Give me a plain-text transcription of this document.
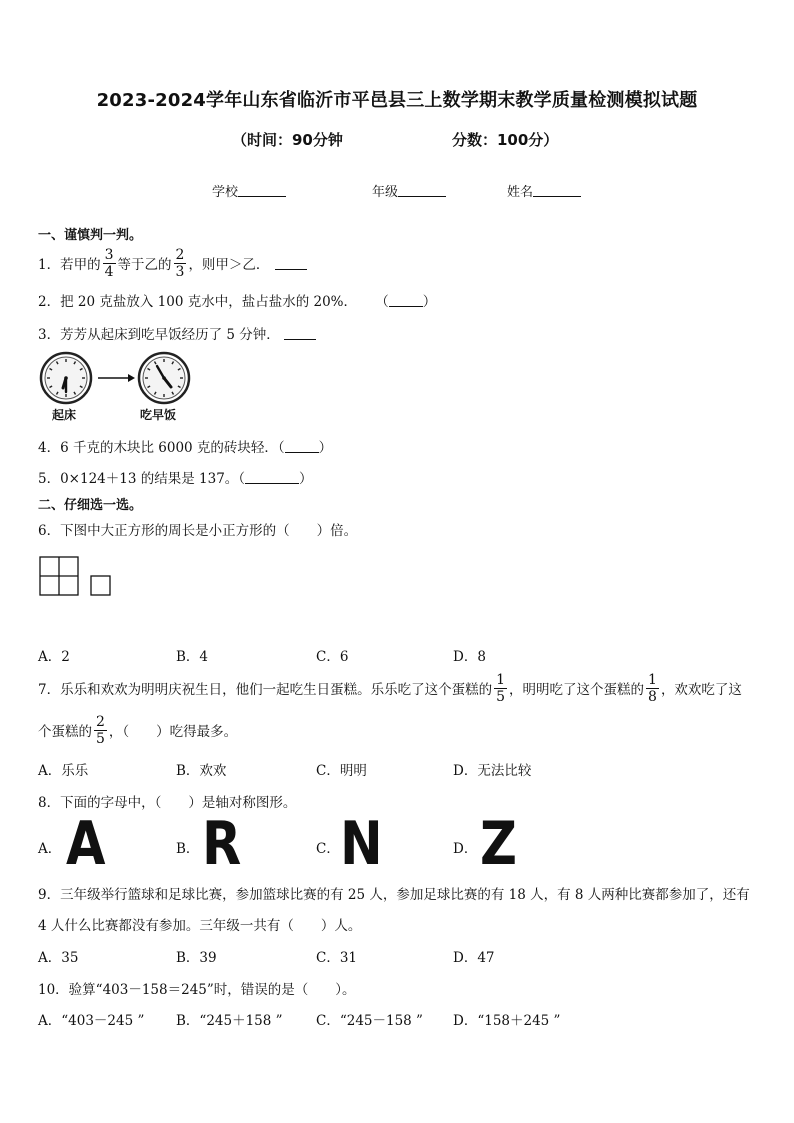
2023-2024学年山东省临沂市平邑县三上数学期末教学质量检测模拟试题
（时间：90分钟	分数：100分）
学校	年级	姓名
一、谨慎判一判。
1．若甲的 $\frac{3}{4}$ 等于乙的 $\frac{2}{3}$ ，则甲＞乙．
2．把 20 克盐放入 100 克水中，盐占盐水的 20%． （	）
3．芳芳从起床到吃早饭经历了 5 分钟．
起床	吃早饭
4．6 千克的木块比 6000 克的砖块轻．（	）
5．0×124＋13 的结果是 137。（	）
二、仔细选一选。
6．下图中大正方形的周长是小正方形的（　　）倍。
A．2	B．4	C．6	D．8
7．乐乐和欢欢为明明庆祝生日，他们一起吃生日蛋糕。乐乐吃了这个蛋糕的 $\frac{1}{5}$ ，明明吃了这个蛋糕的 $\frac{1}{8}$ ，欢欢吃了这
个蛋糕的 $\frac{2}{5}$ ，（　　）吃得最多。
A．乐乐	B．欢欢	C．明明	D．无法比较
8．下面的字母中，（　　）是轴对称图形。
A． A	B． R	C． N	D． Z
9．三年级举行篮球和足球比赛，参加篮球比赛的有 25 人，参加足球比赛的有 18 人，有 8 人两种比赛都参加了，还有
4 人什么比赛都没有参加。三年级一共有（　　）人。
A．35	B．39	C．31	D．47
10．验算“403－158＝245”时，错误的是（　　）。
A．“403－245 ” B．“245＋158 ” C．“245－158 ” D．“158＋245 ”
